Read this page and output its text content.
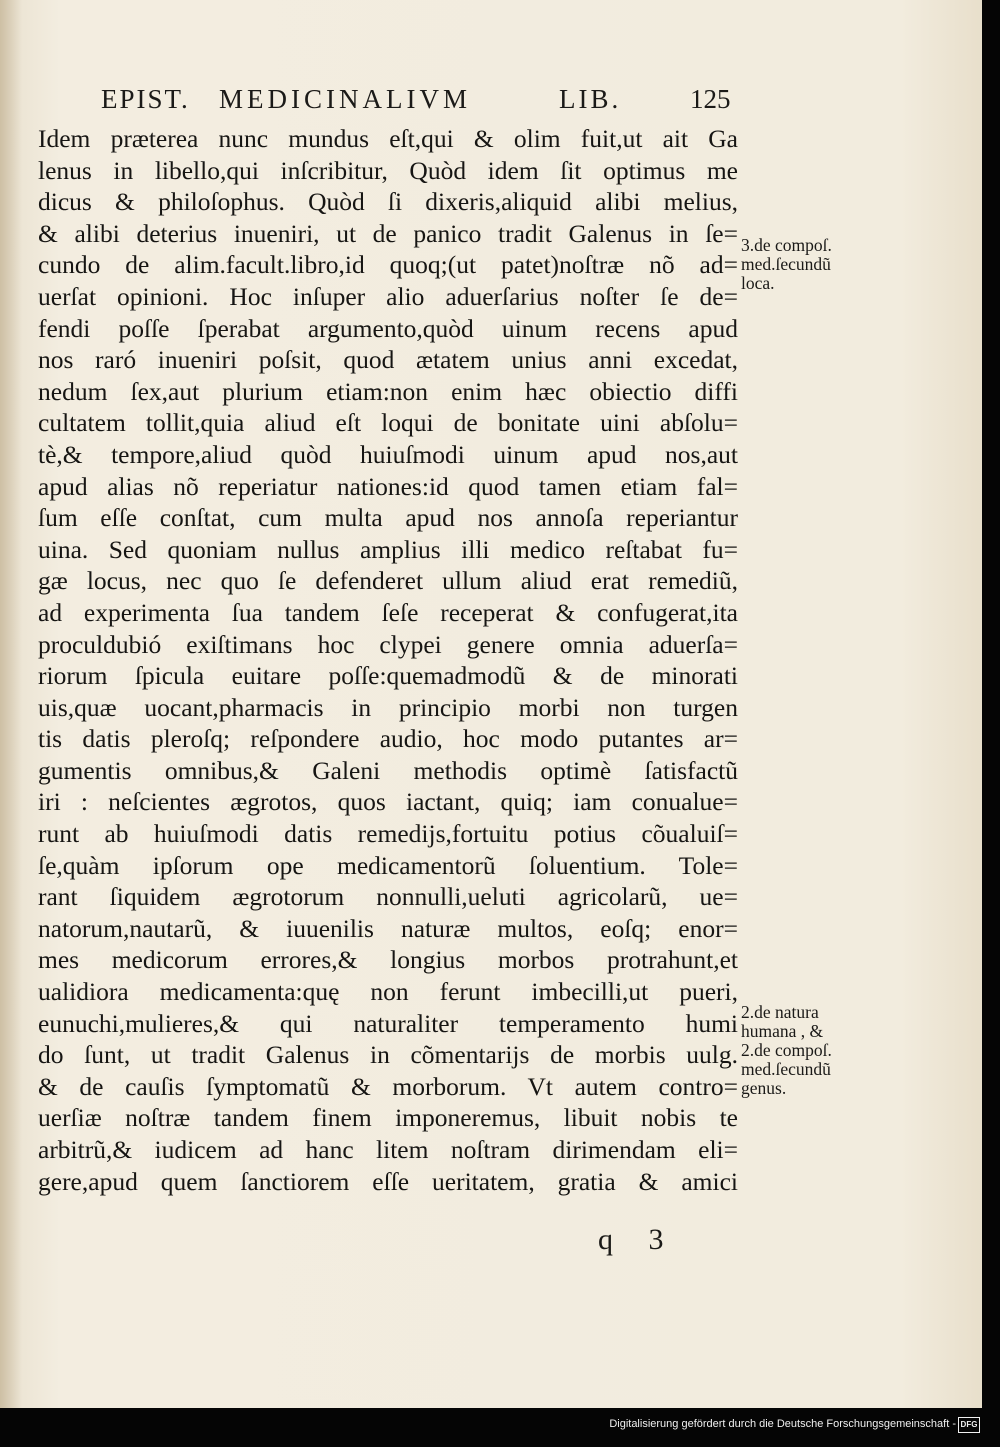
EPIST. MEDICINALIVM	LIB.	125
Idem præterea nunc mundus eſt,qui & olim fuit,ut ait Ga
lenus in libello,qui inſcribitur, Quòd idem ſit optimus me
dicus & philoſophus. Quòd ſi dixeris,aliquid alibi melius,
& alibi deterius inueniri, ut de panico tradit Galenus in ſe=
cundo de alim.facult.libro,id quoq;(ut patet)noſtræ nõ ad=
uerſat opinioni. Hoc inſuper alio aduerſarius noſter ſe de=
fendi poſſe ſperabat argumento,quòd uinum recens apud
nos raró inueniri poſsit, quod ætatem unius anni excedat,
nedum ſex,aut plurium etiam:non enim hæc obiectio diffi
cultatem tollit,quia aliud eſt loqui de bonitate uini abſolu=
tè,& tempore,aliud quòd huiuſmodi uinum apud nos,aut
apud alias nõ reperiatur nationes:id quod tamen etiam fal=
ſum eſſe conſtat, cum multa apud nos annoſa reperiantur
uina. Sed quoniam nullus amplius illi medico reſtabat fu=
gæ locus, nec quo ſe defenderet ullum aliud erat remediũ,
ad experimenta ſua tandem ſeſe receperat & confugerat,ita
proculdubió exiſtimans hoc clypei genere omnia aduerſa=
riorum ſpicula euitare poſſe:quemadmodũ & de minorati
uis,quæ uocant,pharmacis in principio morbi non turgen
tis datis pleroſq; reſpondere audio, hoc modo putantes ar=
gumentis omnibus,& Galeni methodis optimè ſatisfactũ
iri : neſcientes ægrotos, quos iactant, quiq; iam conualue=
runt ab huiuſmodi datis remedijs,fortuitu potius cõualuiſ=
ſe,quàm ipſorum ope medicamentorũ ſoluentium. Tole=
rant ſiquidem ægrotorum nonnulli,ueluti agricolarũ, ue=
natorum,nautarũ, & iuuenilis naturæ multos, eoſq; enor=
mes medicorum errores,& longius morbos protrahunt,et
ualidiora medicamenta:quę non ferunt imbecilli,ut pueri,
eunuchi,mulieres,& qui naturaliter temperamento humi
do ſunt, ut tradit Galenus in cõmentarijs de morbis uulg.
& de cauſis ſymptomatũ & morborum. Vt autem contro=
uerſiæ noſtræ tandem finem imponeremus, libuit nobis te
arbitrũ,& iudicem ad hanc litem noſtram dirimendam eli=
gere,apud quem ſanctiorem eſſe ueritatem, gratia & amici
3.de compoſ.
med.ſecundũ
loca.
2.de natura
humana , &
2.de compoſ.
med.ſecundũ
genus.
q 3
Digitalisierung gefördert durch die Deutsche Forschungsgemeinschaft - DFG
